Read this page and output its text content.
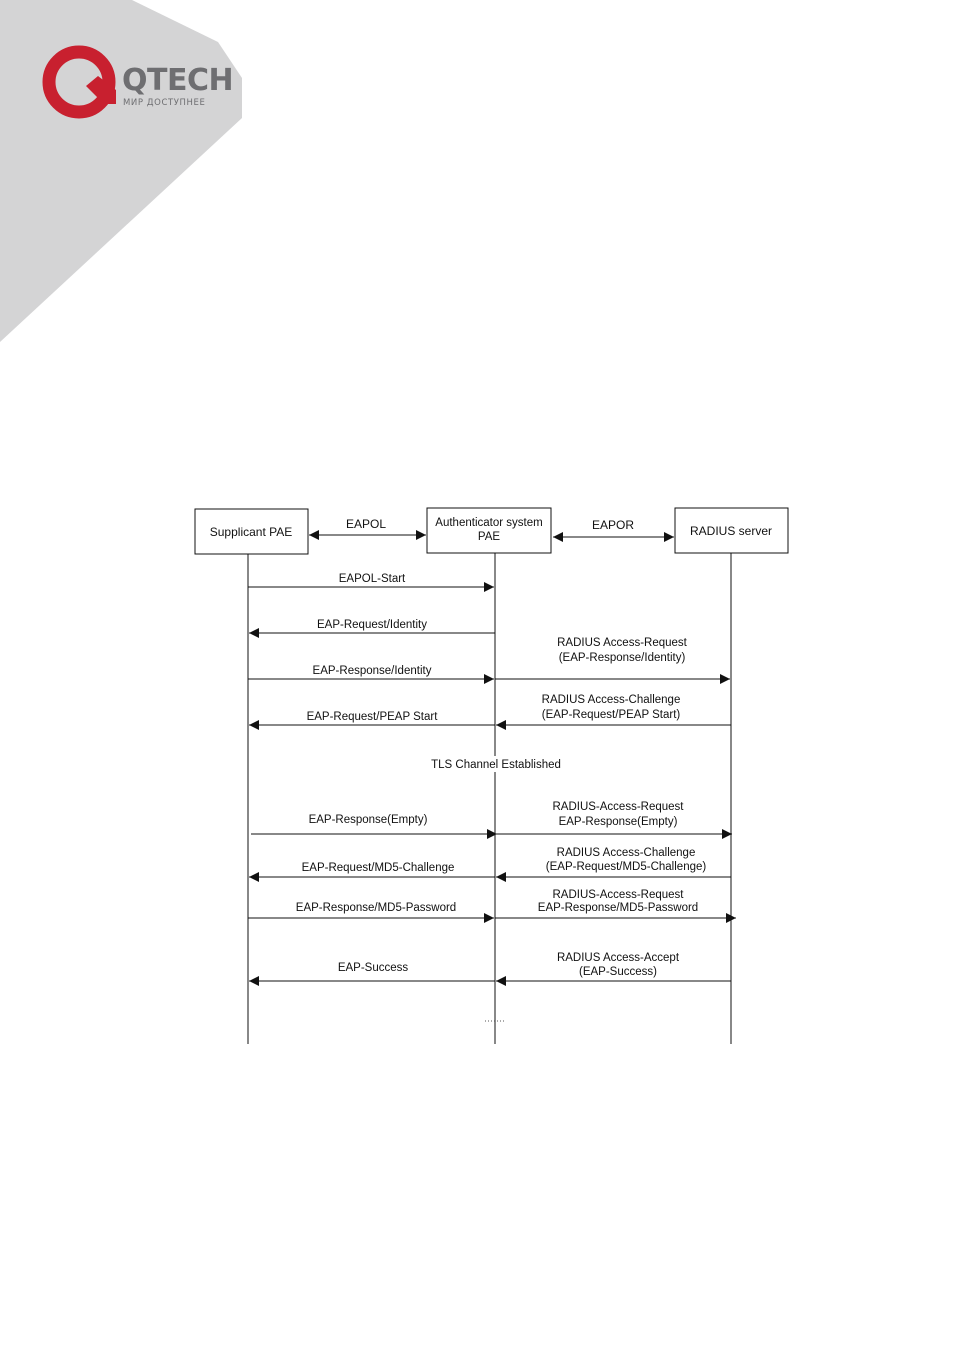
QTECH
МИР ДОСТУПНЕЕ
Supplicant PAE
Authenticator system
PAE	RADIUS server
EAPOL	EAPOR
EAPOL-Start
EAP-Request/Identity
RADIUS Access-Request
(EAP-Response/Identity)
EAP-Response/Identity
RADIUS Access-Challenge
(EAP-Request/PEAP Start)
EAP-Request/PEAP Start
TLS Channel Established
RADIUS-Access-Request
EAP-Response(Empty)
EAP-Response(Empty)
RADIUS Access-Challenge
(EAP-Request/MD5-Challenge)
EAP-Request/MD5-Challenge
RADIUS-Access-Request
EAP-Response/MD5-Password
EAP-Response/MD5-Password
RADIUS Access-Accept
(EAP-Success)
EAP-Success
